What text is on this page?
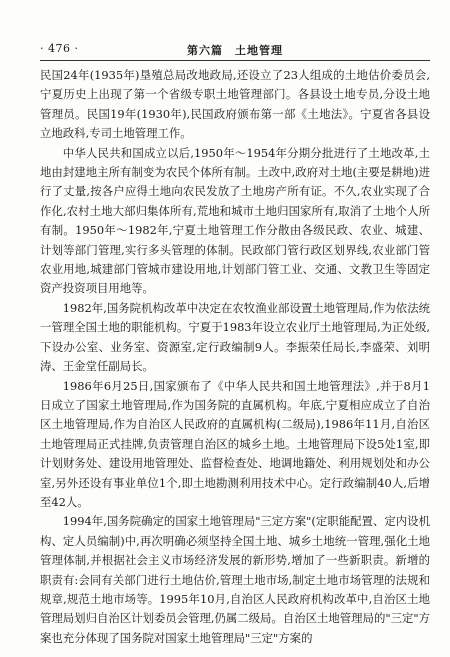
· 476 ·	第六篇　土地管理

民国24年(1935年)垦殖总局改地政局,还设立了23人组成的土地估价委员会,宁夏历史上出现了第一个省级专职土地管理部门。各县设土地专员,分设土地管理员。民国19年(1930年),民国政府颁布第一部《土地法》。宁夏省各县设立地政科,专司土地管理工作。

中华人民共和国成立以后,1950年～1954年分期分批进行了土地改革,土地由封建地主所有制变为农民个体所有制。土改中,政府对土地(主要是耕地)进行了丈量,按各户应得土地向农民发放了土地房产所有证。不久,农业实现了合作化,农村土地大部归集体所有,荒地和城市土地归国家所有,取消了土地个人所有制。1950年～1982年,宁夏土地管理工作分散由各级民政、农业、城建、计划等部门管理,实行多头管理的体制。民政部门管行政区划界线,农业部门管农业用地,城建部门管城市建设用地,计划部门管工业、交通、文教卫生等固定资产投资项目用地等。

1982年,国务院机构改革中决定在农牧渔业部设置土地管理局,作为依法统一管理全国土地的职能机构。宁夏于1983年设立农业厅土地管理局,为正处级,下设办公室、业务室、资源室,定行政编制9人。李振荣任局长,李盛荣、刘明涛、王金堂任副局长。

1986年6月25日,国家颁布了《中华人民共和国土地管理法》,并于8月1日成立了国家土地管理局,作为国务院的直属机构。年底,宁夏相应成立了自治区土地管理局,作为自治区人民政府的直属机构(二级局),1986年11月,自治区土地管理局正式挂牌,负责管理自治区的城乡土地。土地管理局下设5处1室,即计划财务处、建设用地管理处、监督检查处、地调地籍处、利用规划处和办公室,另外还设有事业单位1个,即土地勘测利用技术中心。定行政编制40人,后增至42人。

1994年,国务院确定的国家土地管理局"三定方案"(定职能配置、定内设机构、定人员编制)中,再次明确必须坚持全国土地、城乡土地统一管理,强化土地管理体制,并根据社会主义市场经济发展的新形势,增加了一些新职责。新增的职责有:会同有关部门进行土地估价,管理土地市场,制定土地市场管理的法规和规章,规范土地市场等。1995年10月,自治区人民政府机构改革中,自治区土地管理局划归自治区计划委员会管理,仍属二级局。自治区土地管理局的"三定"方案也充分体现了国务院对国家土地管理局"三定"方案的
